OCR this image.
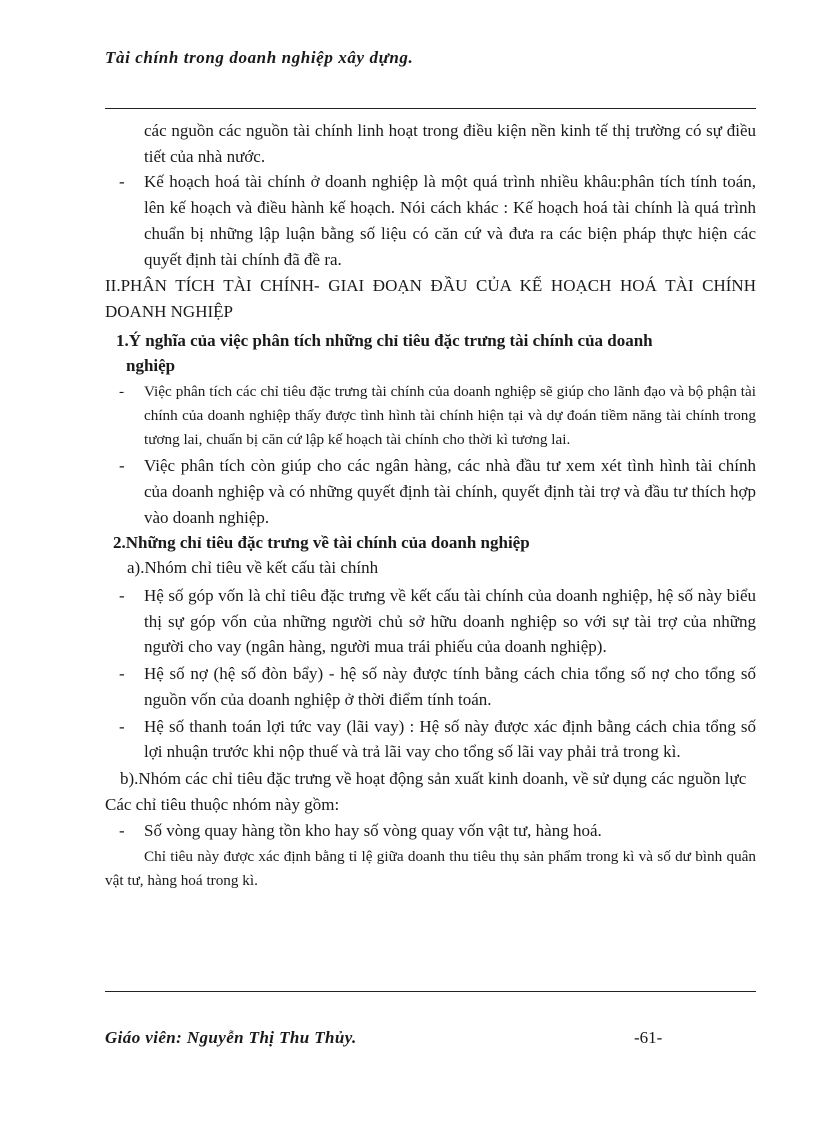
Tài chính trong doanh nghiệp xây dựng.

các nguồn các nguồn tài chính linh hoạt trong điều kiện nền kinh tế thị trường có sự điều tiết của nhà nước.

- Kế hoạch hoá tài chính ở doanh nghiệp là một quá trình nhiều khâu:phân tích tính toán, lên kế hoạch và điều hành kế hoạch. Nói cách khác : Kế hoạch hoá tài chính là quá trình chuẩn bị những lập luận bằng số liệu có căn cứ và đưa ra các biện pháp thực hiện các quyết định tài chính đã đề ra.

II.PHÂN TÍCH TÀI CHÍNH- GIAI ĐOẠN ĐẦU CỦA KẾ HOẠCH HOÁ TÀI CHÍNH DOANH NGHIỆP

1.Ý nghĩa của việc phân tích những chỉ tiêu đặc trưng tài chính của doanh
nghiệp

- Việc phân tích các chỉ tiêu đặc trưng tài chính của doanh nghiệp sẽ giúp cho lãnh đạo và bộ phận tài chính của doanh nghiệp thấy được tình hình tài chính hiện tại và dự đoán tiềm năng tài chính trong tương lai, chuẩn bị căn cứ lập kế hoạch tài chính cho thời kì tương lai.

- Việc phân tích còn giúp cho các ngân hàng, các nhà đầu tư xem xét tình hình tài chính của doanh nghiệp và có những quyết định tài chính, quyết định tài trợ và đầu tư thích hợp vào doanh nghiệp.

2.Những chỉ tiêu đặc trưng về tài chính của doanh nghiệp

a).Nhóm chỉ tiêu về kết cấu tài chính

- Hệ số góp vốn là chỉ tiêu đặc trưng về kết cấu tài chính của doanh nghiệp, hệ số này biểu thị sự góp vốn của những người chủ sở hữu doanh nghiệp so với sự tài trợ của những người cho vay (ngân hàng, người mua trái phiếu của doanh nghiệp).

- Hệ số nợ (hệ số đòn bẩy) - hệ số này được tính bằng cách chia tổng số nợ cho tổng số nguồn vốn của doanh nghiệp ở thời điểm tính toán.

- Hệ số thanh toán lợi tức vay (lãi vay) : Hệ số này được xác định bằng cách chia tổng số lợi nhuận trước khi nộp thuế và trả lãi vay cho tổng số lãi vay phải trả trong kì.

b).Nhóm các chỉ tiêu đặc trưng về hoạt động sản xuất kinh doanh, về sử dụng các nguồn lực

Các chỉ tiêu thuộc nhóm này gồm:

- Số vòng quay hàng tồn kho hay số vòng quay vốn vật tư, hàng hoá.

Chỉ tiêu này được xác định bằng tỉ lệ giữa doanh thu tiêu thụ sản phẩm trong kì và số dư bình quân vật tư, hàng hoá trong kì.

Giáo viên: Nguyễn Thị Thu Thủy.	-61-
